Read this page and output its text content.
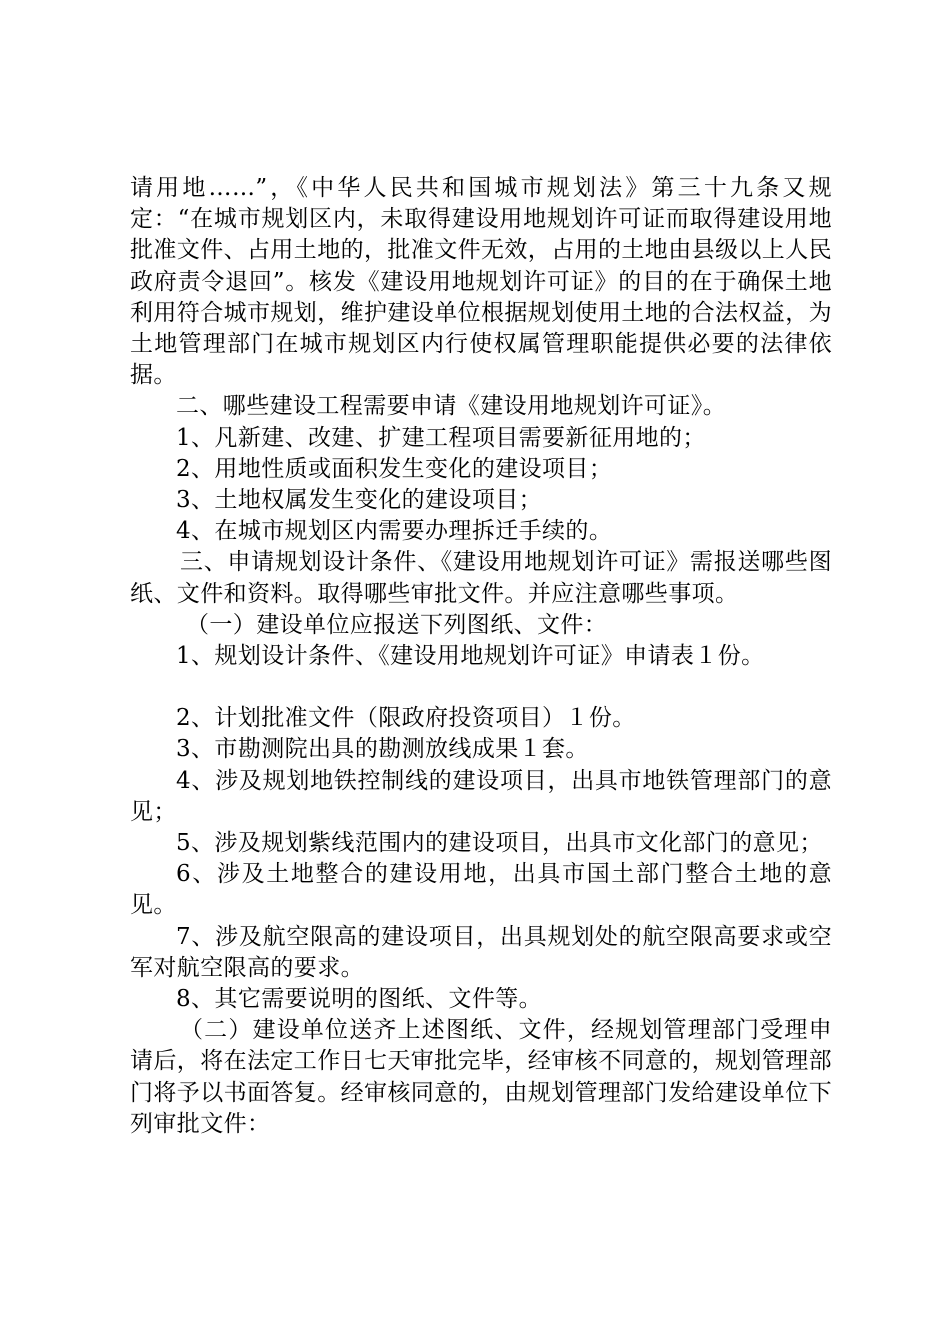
请用地……”，《中华人民共和国城市规划法》第三十九条又规定：“在城市规划区内，未取得建设用地规划许可证而取得建设用地批准文件、占用土地的，批准文件无效，占用的土地由县级以上人民政府责令退回”。核发《建设用地规划许可证》的目的在于确保土地利用符合城市规划，维护建设单位根据规划使用土地的合法权益，为土地管理部门在城市规划区内行使权属管理职能提供必要的法律依据。

二、哪些建设工程需要申请《建设用地规划许可证》。

1、凡新建、改建、扩建工程项目需要新征用地的；

2、用地性质或面积发生变化的建设项目；

3、土地权属发生变化的建设项目；

4、在城市规划区内需要办理拆迁手续的。

三、申请规划设计条件、《建设用地规划许可证》需报送哪些图纸、文件和资料。取得哪些审批文件。并应注意哪些事项。

（一）建设单位应报送下列图纸、文件：

1、规划设计条件、《建设用地规划许可证》申请表１份。

2、计划批准文件（限政府投资项目）１份。

3、市勘测院出具的勘测放线成果１套。

4、涉及规划地铁控制线的建设项目，出具市地铁管理部门的意见；

5、涉及规划紫线范围内的建设项目，出具市文化部门的意见；

6、涉及土地整合的建设用地，出具市国土部门整合土地的意见。

7、涉及航空限高的建设项目，出具规划处的航空限高要求或空军对航空限高的要求。

8、其它需要说明的图纸、文件等。

（二）建设单位送齐上述图纸、文件，经规划管理部门受理申请后，将在法定工作日七天审批完毕，经审核不同意的，规划管理部门将予以书面答复。经审核同意的，由规划管理部门发给建设单位下列审批文件：
